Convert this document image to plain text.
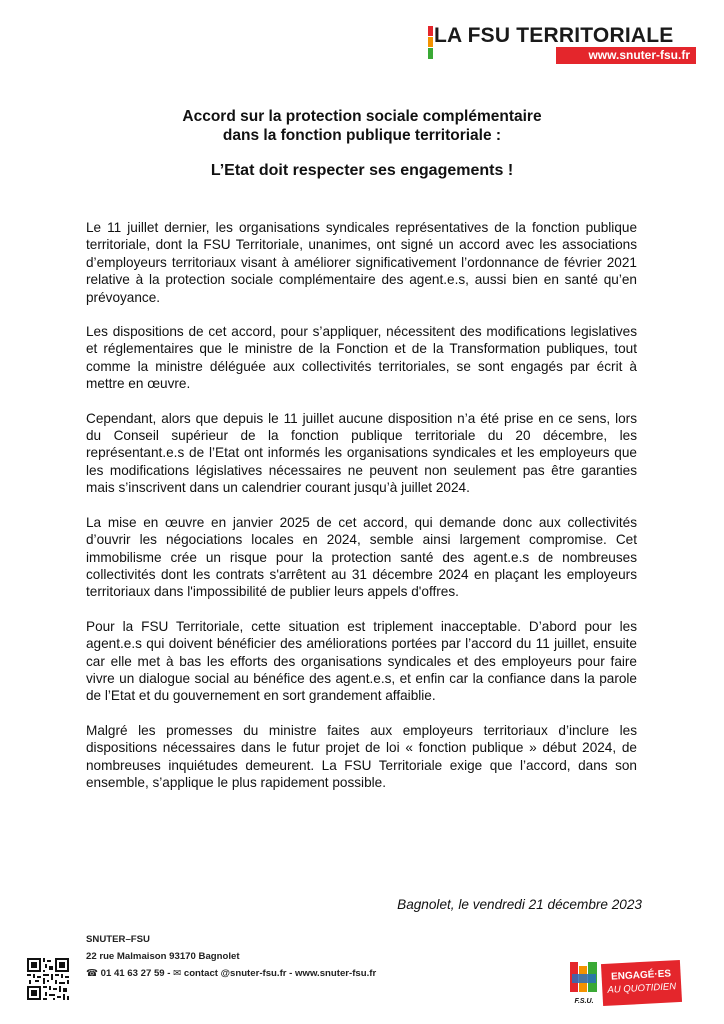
LA FSU TERRITORIALE
www.snuter-fsu.fr
Accord sur la protection sociale complémentaire
dans la fonction publique territoriale :
L’Etat doit respecter ses engagements !

Le 11 juillet dernier, les organisations syndicales représentatives de la fonction publique territoriale, dont la FSU Territoriale, unanimes, ont signé un accord avec les associations d’employeurs territoriaux visant à améliorer significativement l’ordonnance de février 2021 relative à la protection sociale complémentaire des agent.e.s, aussi bien en santé qu’en prévoyance.

Les dispositions de cet accord, pour s’appliquer, nécessitent des modifications legislatives et réglementaires que le ministre de la Fonction et de la Transformation publiques, tout comme la ministre déléguée aux collectivités territoriales, se sont engagés par écrit à mettre en œuvre.

Cependant, alors que depuis le 11 juillet aucune disposition n’a été prise en ce sens, lors du Conseil supérieur de la fonction publique territoriale du 20 décembre, les représentant.e.s de l’Etat ont informés les organisations syndicales et les employeurs que les modifications législatives nécessaires ne peuvent non seulement pas être garanties mais s’inscrivent dans un calendrier courant jusqu’à juillet 2024.

La mise en œuvre en janvier 2025 de cet accord, qui demande donc aux collectivités d’ouvrir les négociations locales en 2024, semble ainsi largement compromise. Cet immobilisme crée un risque pour la protection santé des agent.e.s de nombreuses collectivités dont les contrats s'arrêtent au 31 décembre 2024 en plaçant les employeurs territoriaux dans l'impossibilité de publier leurs appels d'offres.

Pour la FSU Territoriale, cette situation est triplement inacceptable. D’abord pour les agent.e.s qui doivent bénéficier des améliorations portées par l’accord du 11 juillet, ensuite car elle met à bas les efforts des organisations syndicales et des employeurs pour faire vivre un dialogue social au bénéfice des agent.e.s, et enfin car la confiance dans la parole de l’Etat et du gouvernement en sort grandement affaiblie.

Malgré les promesses du ministre faites aux employeurs territoriaux d’inclure les dispositions nécessaires dans le futur projet de loi « fonction publique » début 2024, de nombreuses inquiétudes demeurent. La FSU Territoriale exige que l’accord, dans son ensemble, s’applique le plus rapidement possible.

Bagnolet, le vendredi 21 décembre 2023
SNUTER–FSU
22 rue Malmaison 93170 Bagnolet
☎ 01 41 63 27 59 - ✉ contact @snuter-fsu.fr - www.snuter-fsu.fr
F.S.U.
ENGAGÉ·ES
AU QUOTIDIEN
